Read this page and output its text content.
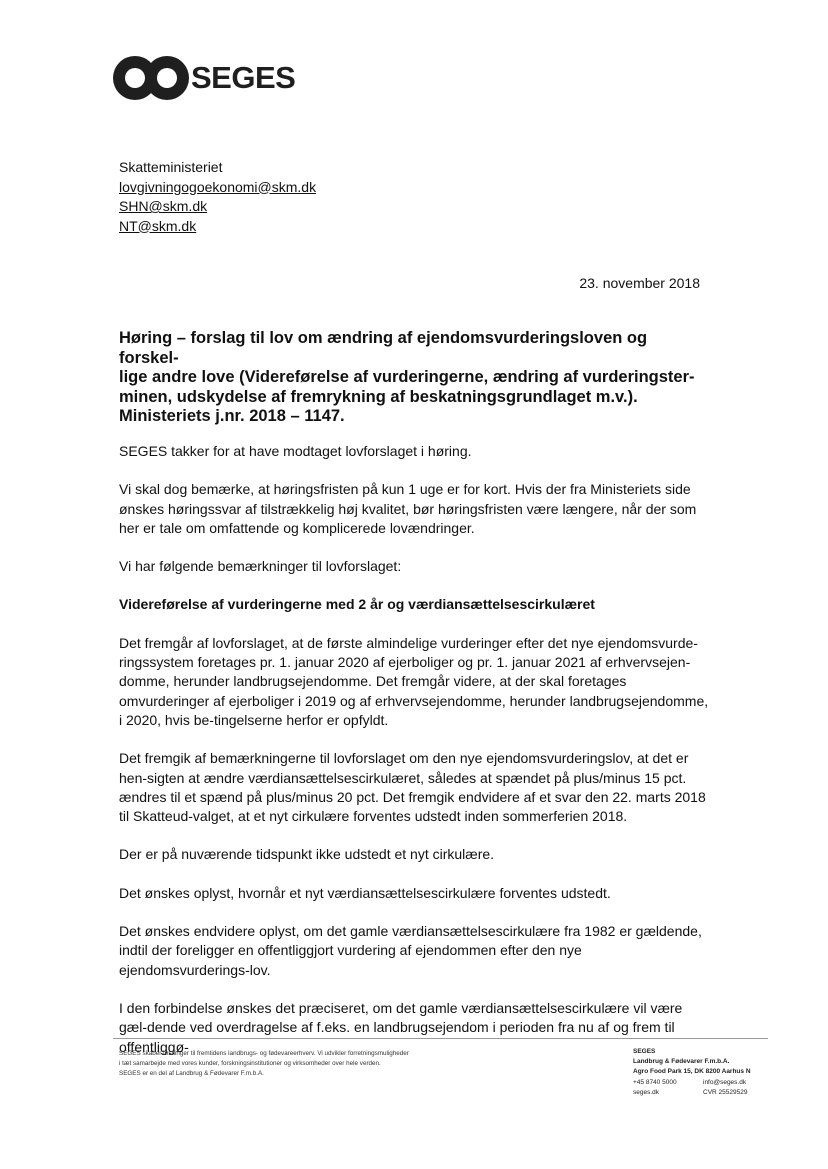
SEGES
Skatteministeriet
lovgivningogoekonomi@skm.dk
SHN@skm.dk
NT@skm.dk
23. november 2018
Høring – forslag til lov om ændring af ejendomsvurderingsloven og forskel-
lige andre love (Videreførelse af vurderingerne, ændring af vurderingster-
minen, udskydelse af fremrykning af beskatningsgrundlaget m.v.).
Ministeriets j.nr. 2018 – 1147.

SEGES takker for at have modtaget lovforslaget i høring.

Vi skal dog bemærke, at høringsfristen på kun 1 uge er for kort. Hvis der fra Ministeriets side ønskes høringssvar af tilstrækkelig høj kvalitet, bør høringsfristen være længere, når der som her er tale om omfattende og komplicerede lovændringer.

Vi har følgende bemærkninger til lovforslaget:

Videreførelse af vurderingerne med 2 år og værdiansættelsescirkulæret

Det fremgår af lovforslaget, at de første almindelige vurderinger efter det nye ejendomsvurde-ringssystem foretages pr. 1. januar 2020 af ejerboliger og pr. 1. januar 2021 af erhvervsejen-domme, herunder landbrugsejendomme. Det fremgår videre, at der skal foretages omvurderinger af ejerboliger i 2019 og af erhvervsejendomme, herunder landbrugsejendomme, i 2020, hvis be-tingelserne herfor er opfyldt.

Det fremgik af bemærkningerne til lovforslaget om den nye ejendomsvurderingslov, at det er hen-sigten at ændre værdiansættelsescirkulæret, således at spændet på plus/minus 15 pct. ændres til et spænd på plus/minus 20 pct. Det fremgik endvidere af et svar den 22. marts 2018 til Skatteud-valget, at et nyt cirkulære forventes udstedt inden sommerferien 2018.

Der er på nuværende tidspunkt ikke udstedt et nyt cirkulære.

Det ønskes oplyst, hvornår et nyt værdiansættelsescirkulære forventes udstedt.

Det ønskes endvidere oplyst, om det gamle værdiansættelsescirkulære fra 1982 er gældende, indtil der foreligger en offentliggjort vurdering af ejendommen efter den nye ejendomsvurderings-lov.

I den forbindelse ønskes det præciseret, om det gamle værdiansættelsescirkulære vil være gæl-dende ved overdragelse af f.eks. en landbrugsejendom i perioden fra nu af og frem til offentliggø-

SEGES skaber løsninger til fremtidens landbrugs- og fødevareerhverv. Vi udvikler forretningsmuligheder
i tæt samarbejde med vores kunder, forskningsinstitutioner og virksomheder over hele verden.
SEGES er en del af Landbrug & Fødevarer F.m.b.A.
SEGES
Landbrug & Fødevarer F.m.b.A.
Agro Food Park 15, DK 8200 Aarhus N
+45 8740 5000	info@seges.dk
seges.dk	CVR 25529529
